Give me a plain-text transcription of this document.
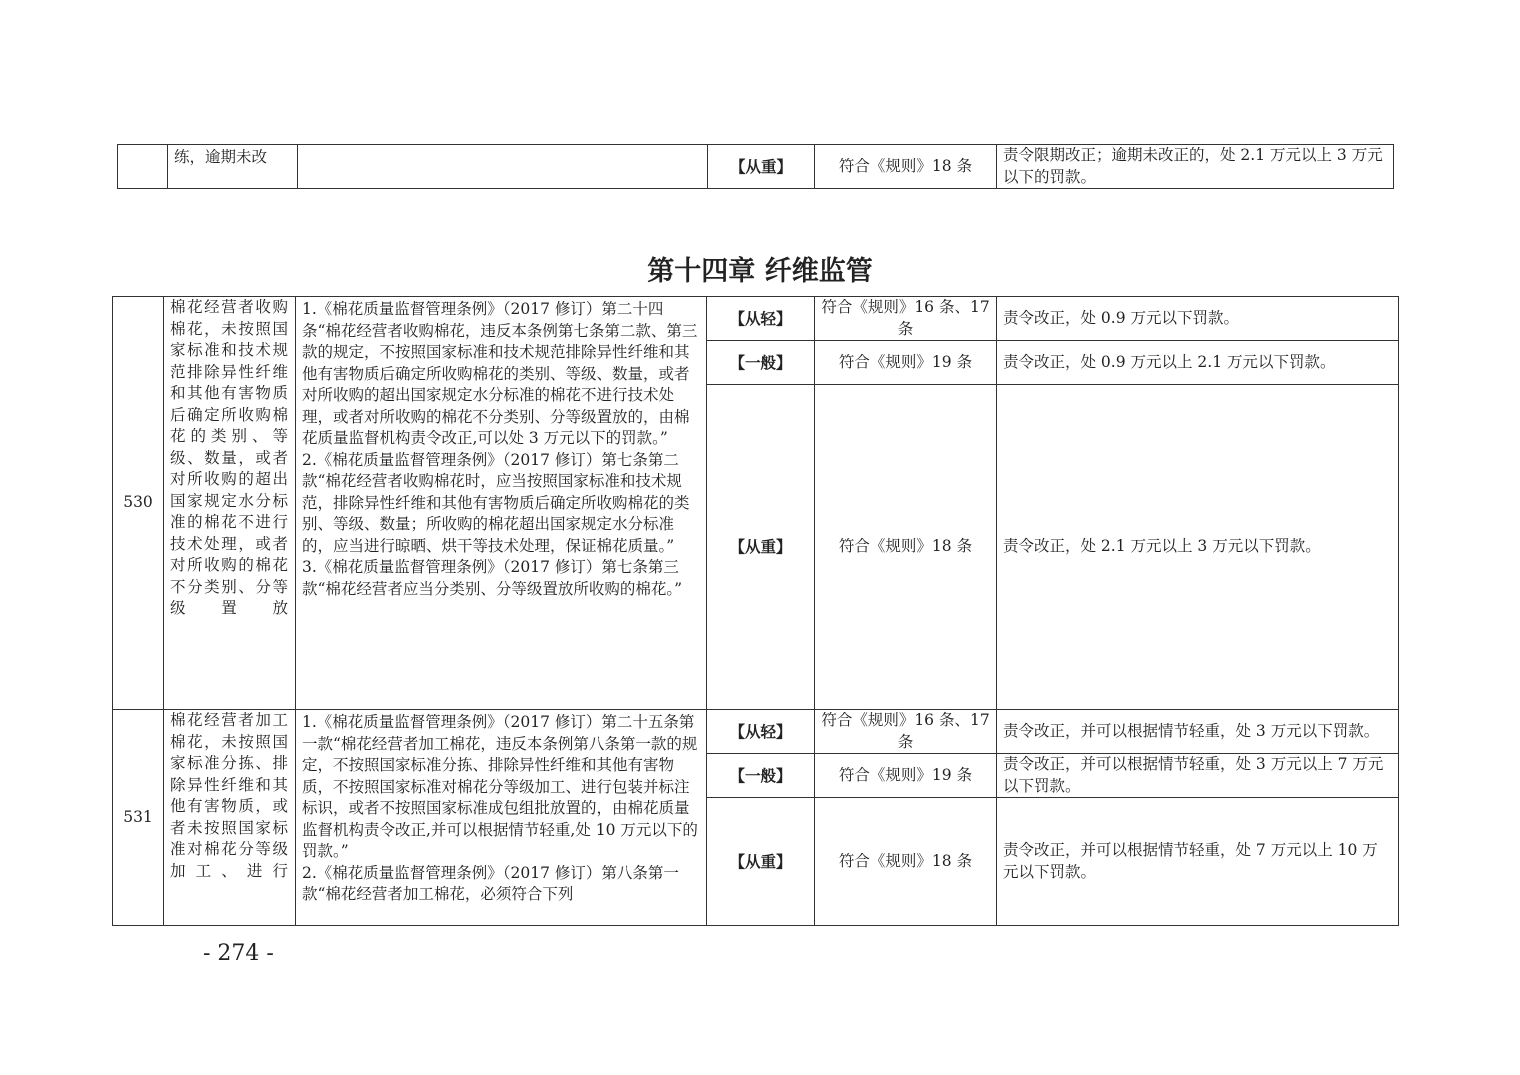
	练，逾期未改		【从重】	符合《规则》18 条	责令限期改正；逾期未改正的，处 2.1 万元以上 3 万元以下的罚款。
第十四章 纤维监管
530	棉花经营者收购棉花，未按照国家标准和技术规范排除异性纤维和其他有害物质后确定所收购棉花的类别、等级、数量，或者对所收购的超出国家规定水分标准的棉花不进行技术处理，或者对所收购的棉花不分类别、分等级置放	1.《棉花质量监督管理条例》（2017 修订）第二十四条“棉花经营者收购棉花，违反本条例第七条第二款、第三款的规定，不按照国家标准和技术规范排除异性纤维和其他有害物质后确定所收购棉花的类别、等级、数量，或者对所收购的超出国家规定水分标准的棉花不进行技术处理，或者对所收购的棉花不分类别、分等级置放的，由棉花质量监督机构责令改正,可以处 3 万元以下的罚款。”
2.《棉花质量监督管理条例》（2017 修订）第七条第二款“棉花经营者收购棉花时，应当按照国家标准和技术规范，排除异性纤维和其他有害物质后确定所收购棉花的类别、等级、数量；所收购的棉花超出国家规定水分标准的，应当进行晾晒、烘干等技术处理，保证棉花质量。”
3.《棉花质量监督管理条例》（2017 修订）第七条第三款“棉花经营者应当分类别、分等级置放所收购的棉花。”	【从轻】	符合《规则》16 条、17 条	责令改正，处 0.9 万元以下罚款。
			【一般】	符合《规则》19 条	责令改正，处 0.9 万元以上 2.1 万元以下罚款。
			【从重】	符合《规则》18 条	责令改正，处 2.1 万元以上 3 万元以下罚款。
531	棉花经营者加工棉花，未按照国家标准分拣、排除异性纤维和其他有害物质，或者未按照国家标准对棉花分等级加工、进行	1.《棉花质量监督管理条例》（2017 修订）第二十五条第一款“棉花经营者加工棉花，违反本条例第八条第一款的规定，不按照国家标准分拣、排除异性纤维和其他有害物质，不按照国家标准对棉花分等级加工、进行包装并标注标识，或者不按照国家标准成包组批放置的，由棉花质量监督机构责令改正,并可以根据情节轻重,处 10 万元以下的罚款。”
2.《棉花质量监督管理条例》（2017 修订）第八条第一款“棉花经营者加工棉花，必须符合下列	【从轻】	符合《规则》16 条、17 条	责令改正，并可以根据情节轻重，处 3 万元以下罚款。
			【一般】	符合《规则》19 条	责令改正，并可以根据情节轻重，处 3 万元以上 7 万元以下罚款。
			【从重】	符合《规则》18 条	责令改正，并可以根据情节轻重，处 7 万元以上 10 万元以下罚款。
- 274 -
